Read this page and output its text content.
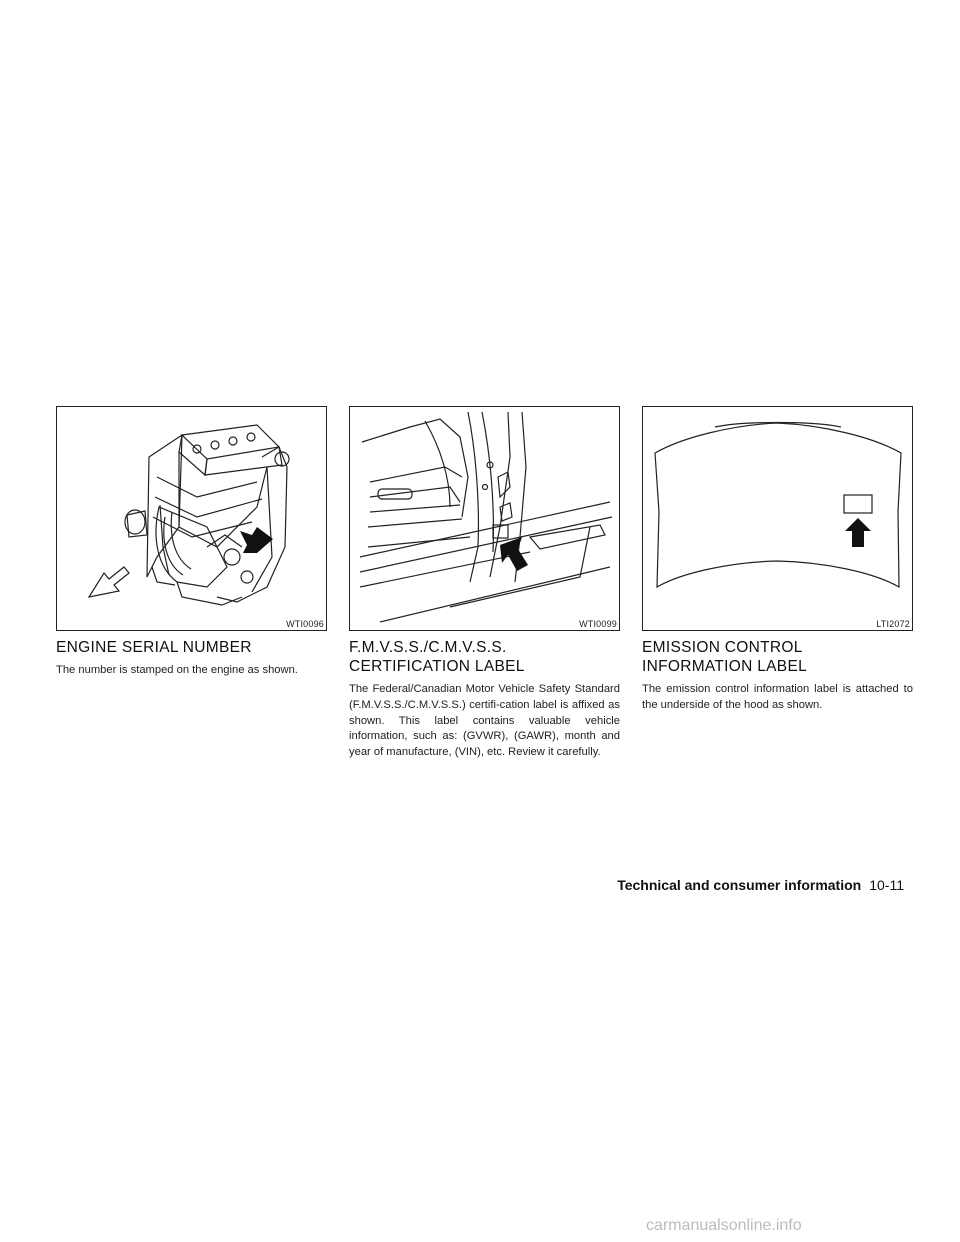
WTI0096
ENGINE SERIAL NUMBER

The number is stamped on the engine as shown.

WTI0099
F.M.V.S.S./C.M.V.S.S. CERTIFICATION LABEL

The Federal/Canadian Motor Vehicle Safety Standard (F.M.V.S.S./C.M.V.S.S.) certifi-cation label is affixed as shown. This label contains valuable vehicle information, such as: (GVWR), (GAWR), month and year of manufacture, (VIN), etc. Review it carefully.

LTI2072
EMISSION CONTROL INFORMATION LABEL

The emission control information label is attached to the underside of the hood as shown.

Technical and consumer information 10-11
carmanualsonline.info
